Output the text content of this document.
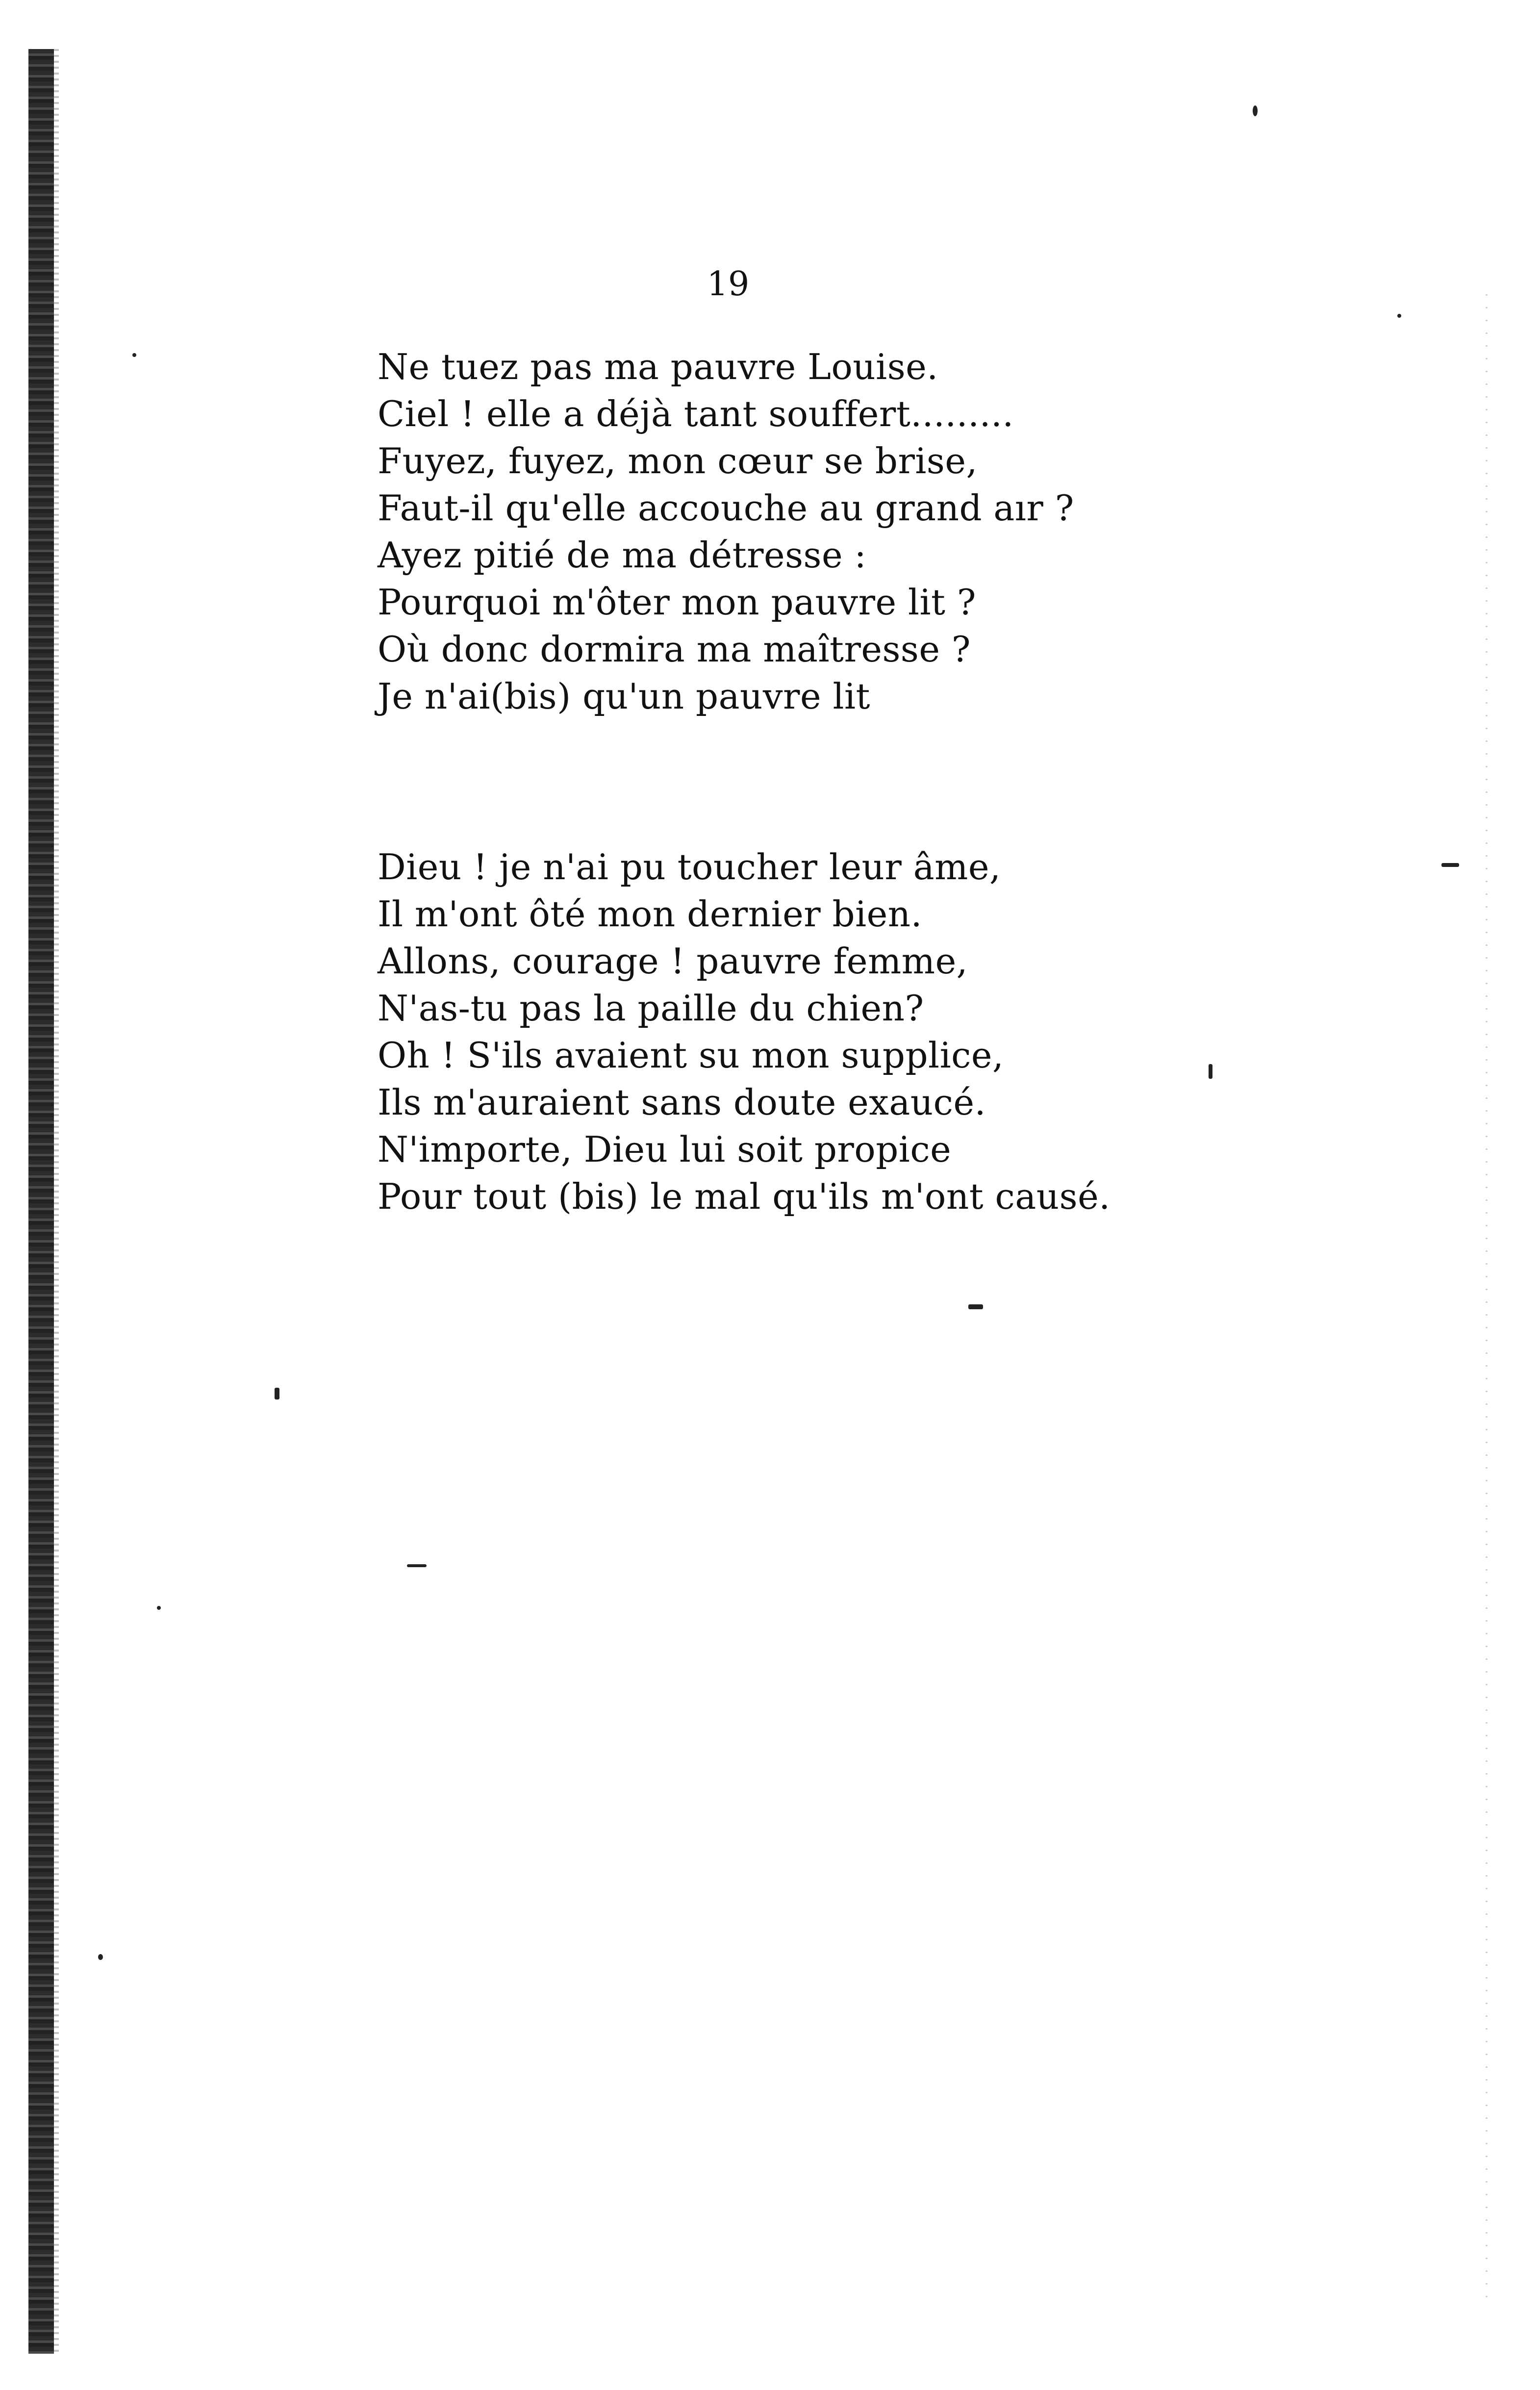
19
Ne tuez pas ma pauvre Louise.
Ciel ! elle a déjà tant souffert.........
Fuyez, fuyez, mon cœur se brise,
Faut-il qu'elle accouche au grand aır ?
Ayez pitié de ma détresse :
Pourquoi m'ôter mon pauvre lit ?
Où donc dormira ma maîtresse ?
Je n'ai(bis) qu'un pauvre lit
Dieu ! je n'ai pu toucher leur âme,
Il m'ont ôté mon dernier bien.
Allons, courage ! pauvre femme,
N'as-tu pas la paille du chien?
Oh ! S'ils avaient su mon supplice,
Ils m'auraient sans doute exaucé.
N'importe, Dieu lui soit propice
Pour tout (bis) le mal qu'ils m'ont causé.
